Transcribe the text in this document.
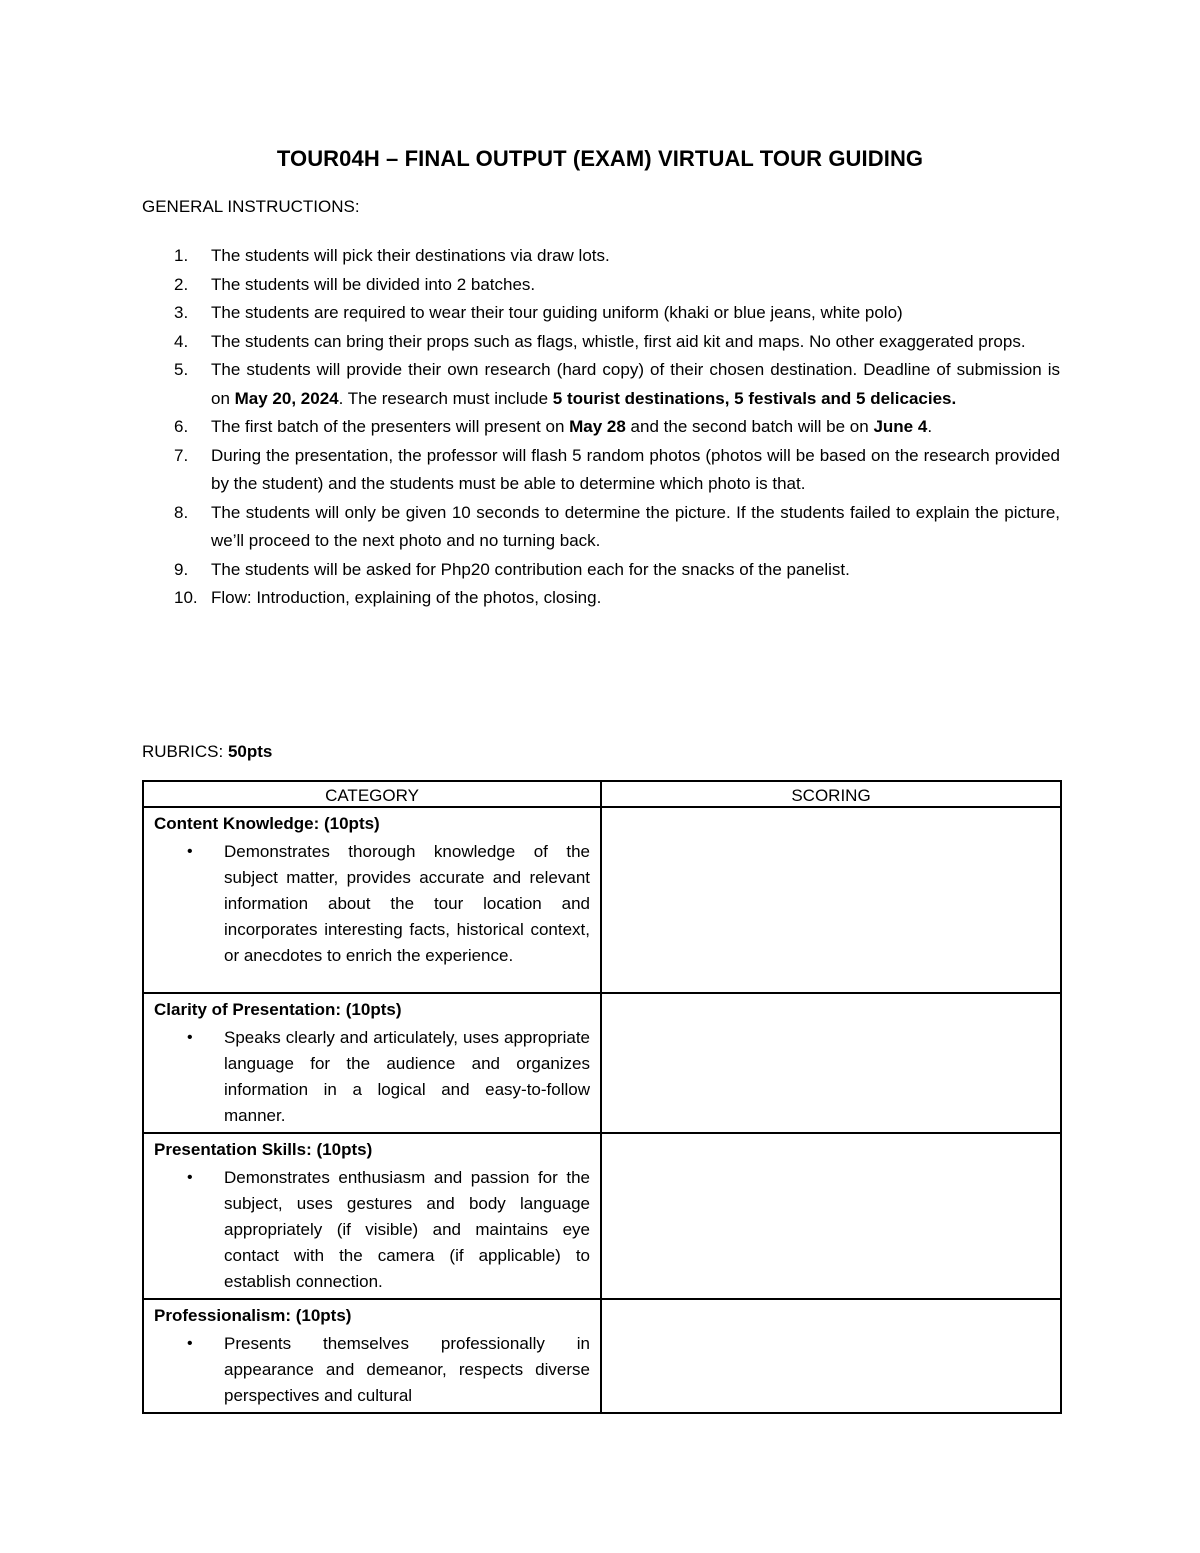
TOUR04H – FINAL OUTPUT (EXAM) VIRTUAL TOUR GUIDING
GENERAL INSTRUCTIONS:
1. The students will pick their destinations via draw lots.
2. The students will be divided into 2 batches.
3. The students are required to wear their tour guiding uniform (khaki or blue jeans, white polo)
4. The students can bring their props such as flags, whistle, first aid kit and maps. No other exaggerated props.
5. The students will provide their own research (hard copy) of their chosen destination. Deadline of submission is on May 20, 2024. The research must include 5 tourist destinations, 5 festivals and 5 delicacies.
6. The first batch of the presenters will present on May 28 and the second batch will be on June 4.
7. During the presentation, the professor will flash 5 random photos (photos will be based on the research provided by the student) and the students must be able to determine which photo is that.
8. The students will only be given 10 seconds to determine the picture. If the students failed to explain the picture, we’ll proceed to the next photo and no turning back.
9. The students will be asked for Php20 contribution each for the snacks of the panelist.
10. Flow: Introduction, explaining of the photos, closing.
RUBRICS: 50pts
CATEGORY	SCORING

Content Knowledge: (10pts)
• Demonstrates thorough knowledge of the subject matter, provides accurate and relevant information about the tour location and incorporates interesting facts, historical context, or anecdotes to enrich the experience.	

Clarity of Presentation: (10pts)
• Speaks clearly and articulately, uses appropriate language for the audience and organizes information in a logical and easy-to-follow manner.	

Presentation Skills: (10pts)
• Demonstrates enthusiasm and passion for the subject, uses gestures and body language appropriately (if visible) and maintains eye contact with the camera (if applicable) to establish connection.	

Professionalism: (10pts)
• Presents themselves professionally in appearance and demeanor, respects diverse perspectives and cultural	
